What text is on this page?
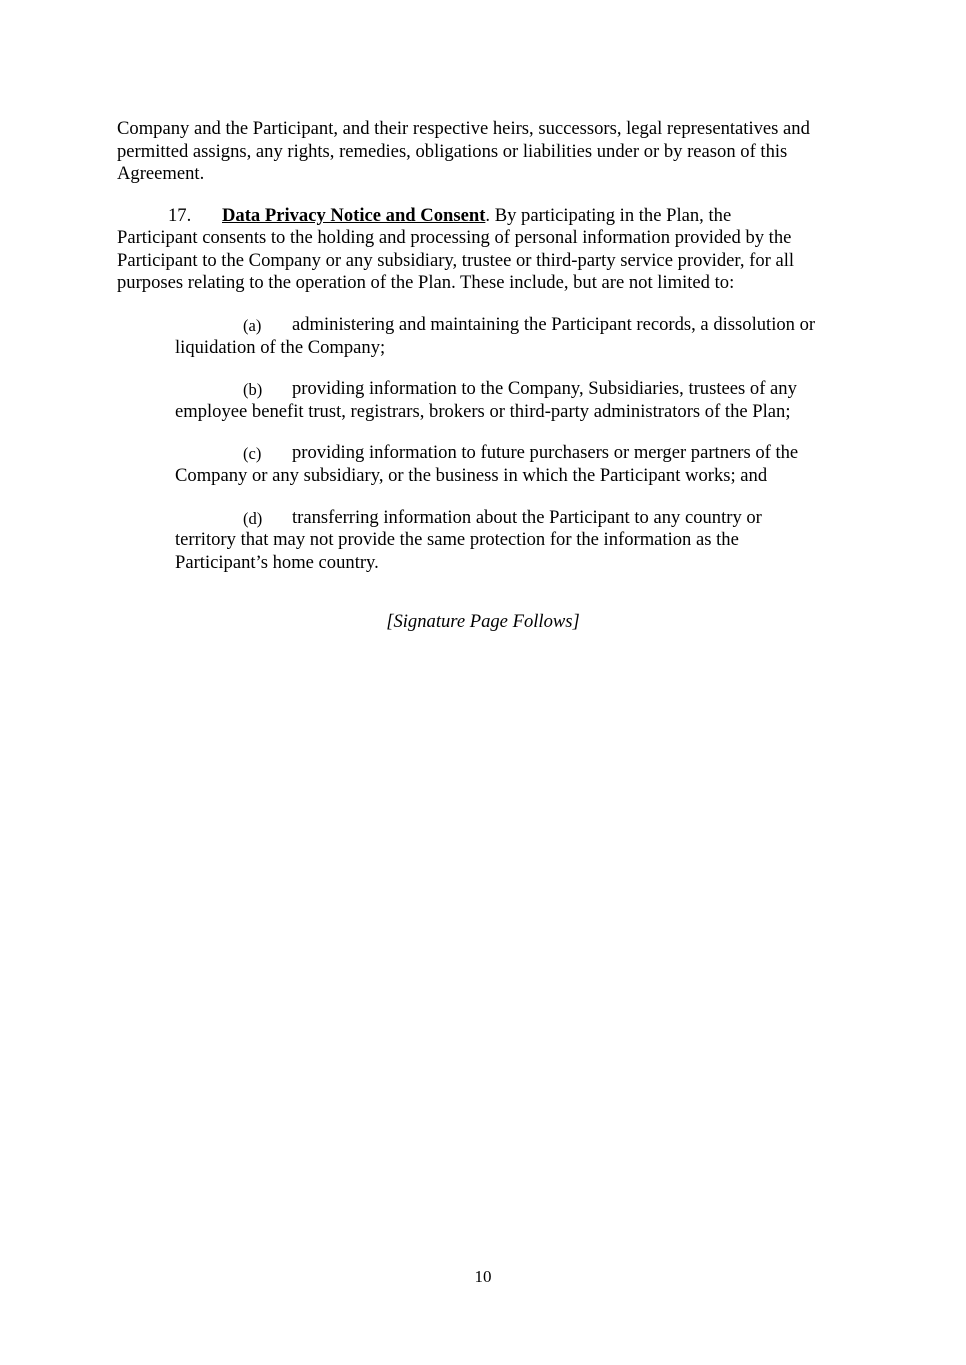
Company and the Participant, and their respective heirs, successors, legal representatives and
permitted assigns, any rights, remedies, obligations or liabilities under or by reason of this
Agreement.
17. Data Privacy Notice and Consent. By participating in the Plan, the
Participant consents to the holding and processing of personal information provided by the
Participant to the Company or any subsidiary, trustee or third-party service provider, for all
purposes relating to the operation of the Plan. These include, but are not limited to:
(a) administering and maintaining the Participant records, a dissolution or
liquidation of the Company;
(b) providing information to the Company, Subsidiaries, trustees of any
employee benefit trust, registrars, brokers or third-party administrators of the Plan;
(c) providing information to future purchasers or merger partners of the
Company or any subsidiary, or the business in which the Participant works; and
(d) transferring information about the Participant to any country or
territory that may not provide the same protection for the information as the
Participant’s home country.
[Signature Page Follows]
10
